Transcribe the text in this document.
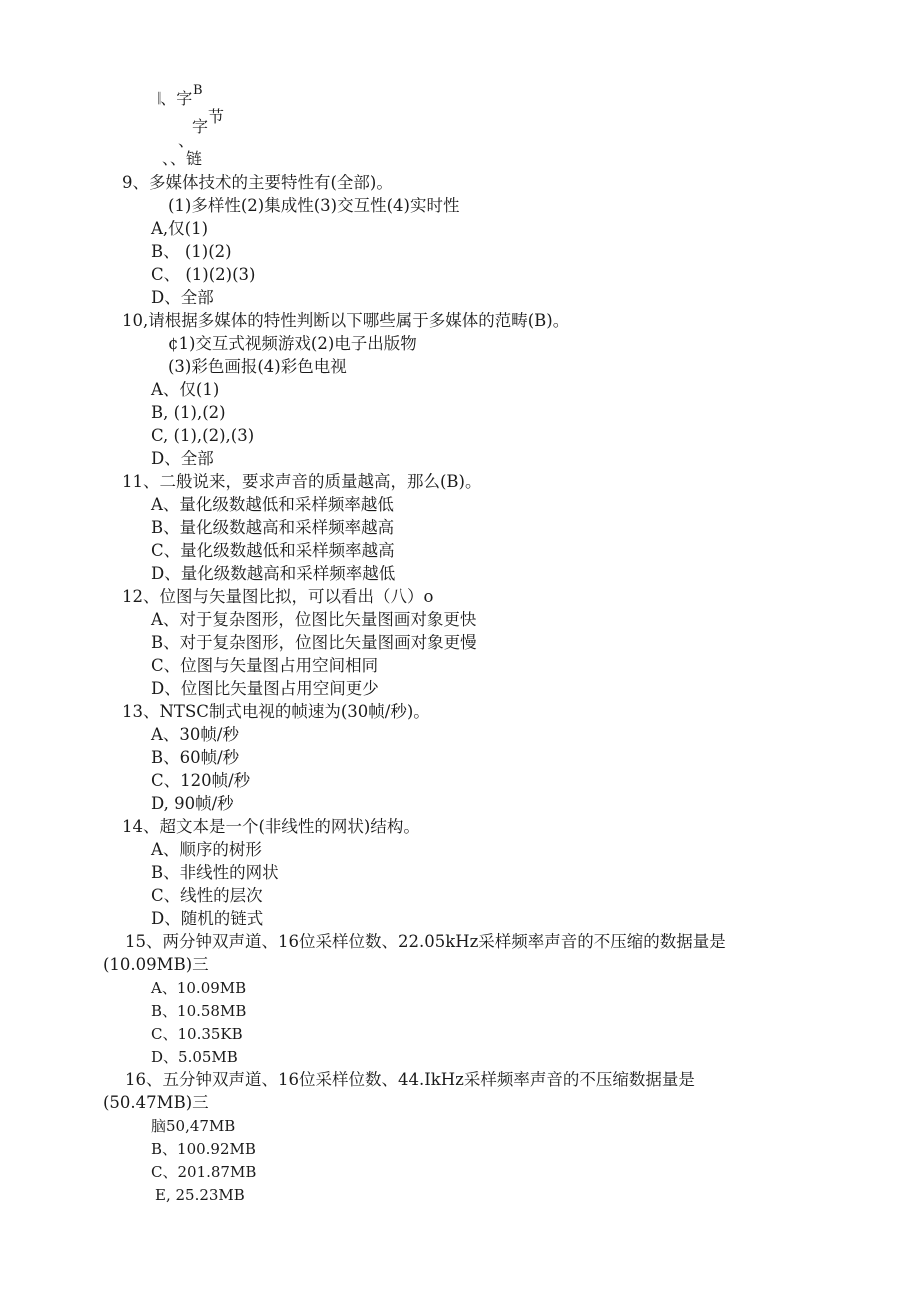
𝄁、字 B
节
字
、
、、链
9、多媒体技术的主要特性有(全部)。
(1)多样性(2)集成性(3)交互性(4)实时性
A,仅(1)
B、 (1)(2)
C、 (1)(2)(3)
D、全部
10,请根据多媒体的特性判断以下哪些属于多媒体的范畴(B)。
¢1)交互式视频游戏(2)电子出版物
(3)彩色画报(4)彩色电视
A、仅(1)
B, (1),(2)
C, (1),(2),(3)
D、全部
11、二般说来，要求声音的质量越高，那么(B)。
A、量化级数越低和采样频率越低
B、量化级数越高和采样频率越高
C、量化级数越低和采样频率越高
D、量化级数越高和采样频率越低
12、位图与矢量图比拟，可以看出（八）o
A、对于复杂图形，位图比矢量图画对象更快
B、对于复杂图形，位图比矢量图画对象更慢
C、位图与矢量图占用空间相同
D、位图比矢量图占用空间更少
13、NTSC制式电视的帧速为(30帧/秒)。
A、30帧/秒
B、60帧/秒
C、120帧/秒
D, 90帧/秒
14、超文本是一个(非线性的网状)结构。
A、顺序的树形
B、非线性的网状
C、线性的层次
D、随机的链式
15、两分钟双声道、16位采样位数、22.05kHz采样频率声音的不压缩的数据量是
(10.09MB)三
A、10.09MB
B、10.58MB
C、10.35KB
D、5.05MB
16、五分钟双声道、16位采样位数、44.IkHz采样频率声音的不压缩数据量是
(50.47MB)三
脑50,47MB
B、100.92MB
C、201.87MB
E, 25.23MB
